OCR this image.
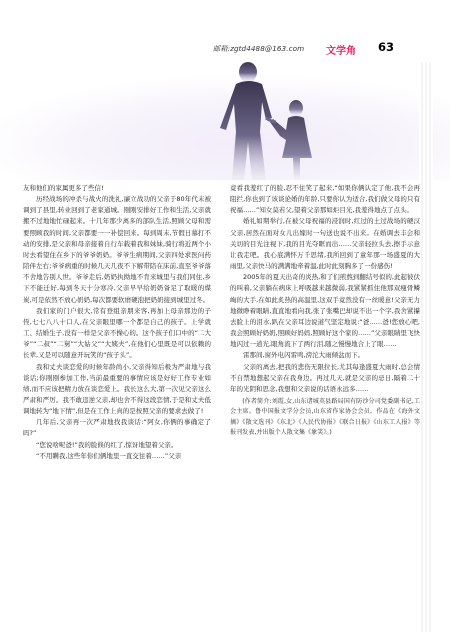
邮箱:zgtd4488@163.com 文学角 63

友和他们的家属更多了些信!

历经战场的冲杀与战火的洗礼,廉立战功的父亲于80年代末被调到了县里,转业回到了老家通城。刚刚安排好工作和生活,父亲就搬不过地地忙碌起来。十几年那少离多的部队生活,照顾父母和需要照顾我的时间,父亲都要一一补偿回来。每到周末,节假日慕打不动的安排,是父亲和母亲接着自行车载着我和妹妹,骑行将近两个小时去看望住在乡下的爷爷奶奶。爷爷生病期间,父亲四处求医问药陪伴左右;爷爷病重的时候几天几夜不下解带陪在床前,直至爷爷落不舍地告别人世。爷爷走后,奶奶执拗地不肯来城里与我们同住,乡下不能迁好,每到冬天十分寒冷,父亲早早给奶奶备足了取暖的煤炭,可是依然不放心奶奶,每次都要软磨硬泡把奶奶接到城里过冬。

我们家的门户很大,常有登组亲朋来客,再加上母亲那边的子侄,七七八八十口人,在父亲眼里哪一个都是自己的孩子。上学就工、结婚生子,没有一样是父亲不操心的。这个孩子们口中的“二大爷”“二叔”“二舅”“大姑父”“大姨夫”,在他们心里既是可以依赖的长辈,又是可以随意开玩笑的“孩子头”。

我和丈夫谈恋爱的时候年龄尚小,父亲得知后极为严肃地与我谈话;你刚刚参加工作,当前最重要的事情应该是好好工作专业如绩,而不应该把精力放在谈恋爱上。我长这么大,第一次见父亲这么严肃和严厉。我不敢违逆父亲,却也舍不得这段恋情,于是和丈夫低调地转为“地下情”,但是在工作上真的是按照父亲的要求去做了!

几年后,父亲再一次严肃地找我谈话:“阿女,你俩的事确定了吗?”

“您说啥呢爸!”我的脸倏的红了,惊讶地望着父亲。

“不用瞒我,这些年你们俩地里一直交往着……”父亲

竟看我羞红了的脸,忍不住笑了起来,“如果你俩认定了他,我不会再阻拦,你也到了该谈论婚的年龄,只要你认为适合,我们做父母的只有祝福……”知女莫若父,望着父亲那如炬目光,我羞得地点了点头。

婚礼如期举行,在被父母祝福的浸润时,红过的土过战场的硬汉父亲,居然在面对女儿出嫁时一句送也说不出来。在婚调去丰会和关切的目光注视下,我的目光夺眶而出……父亲轻拉头去,擦手示意让我走吧。我心底满怀万千思绪,我所回到了童年那一场盛夏的大雨里,父亲快马的满满地牵着温,此时此刻胸多了一份感伤!

2005年的夏天出奇的炎热,和了们煎熬到翻结号似的,此起彼伏的叫着,父亲躺在病床上呼吸越来越微弱,我紧紧抓住他那双瘦骨鳞峋的大手,在如此炙热的高温里,这双手竟然没有一丝暖意!父亲无力地微睁着眼睛,直直地看向我,张了张嘴巴却说不出一个字,我舍紧攥去脸上的泪水,趴在父亲耳边说道气坚定地说:“爸……爸!您放心吧,我会照顾好奶奶,照顾好妈妈,照顾好这个家的……”父亲眼睛里飞快地闪过一道光,眼角流下了两行泪,随之慢慢地合上了眼……

雷那间,窗外电闪雷鸣,滂沱大雨倾盆而下。

父亲的离去,把我的悲伤无限拉长,尤其每逢盛夏大雨时,总会情不自禁地想起父亲在我身边。再过几天,就是父亲的忌日,隔着二十年的光阴和思念,我想和父亲说的话语永远多……

(作者简介:刘霞,女,山东诸城英县路局国有防沙分司党委副书记,工会主席。鲁中国报文学分会员,山东省作家协会会员。作品在《海外文摘》《散文选刊》《东北》《人民代协报》《联合日报》《山东工人报》等报刊发表,并出版个人散文集《象笑》。)
